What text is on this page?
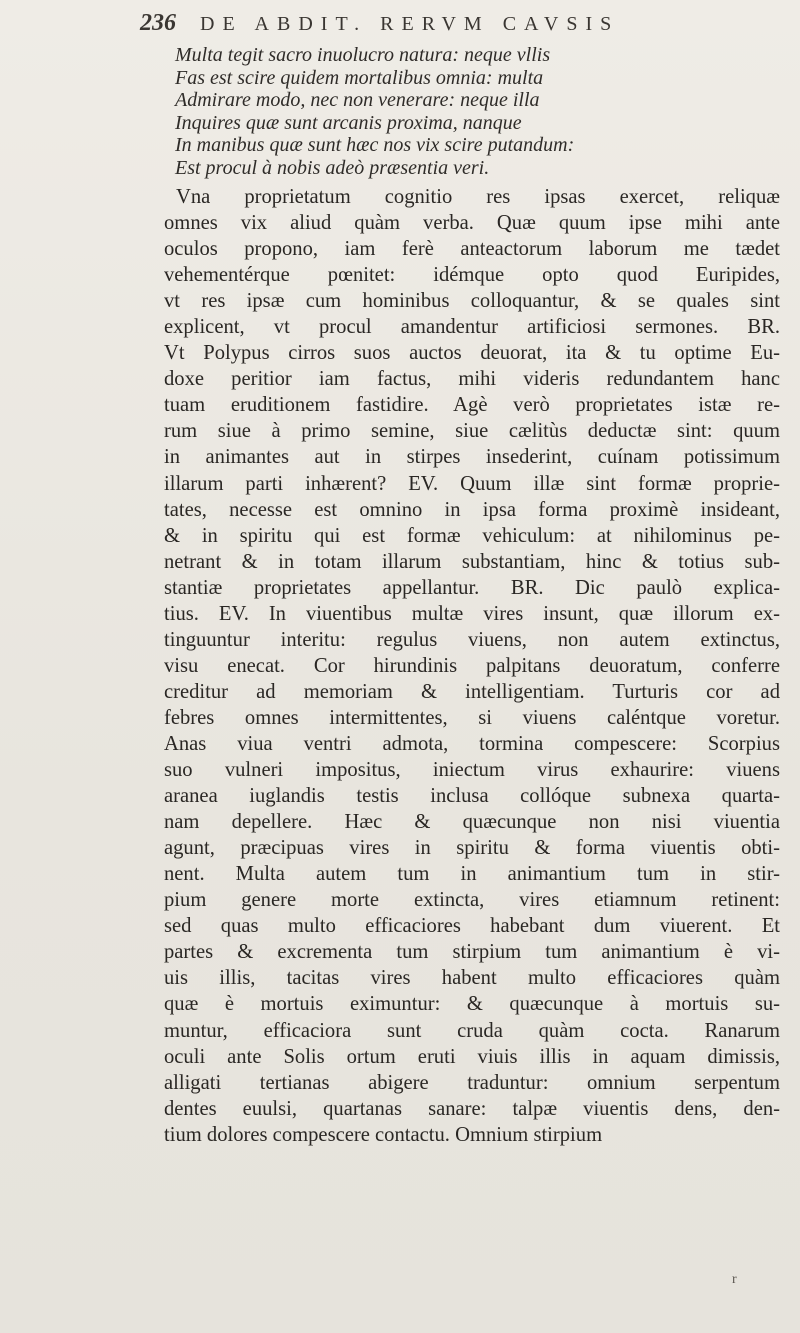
236 DE ABDIT. RERVM CAVSIS
Multa tegit sacro inuolucro natura: neque vllis
Fas est scire quidem mortalibus omnia: multa
Admirare modo, nec non venerare: neque illa
Inquires quæ sunt arcanis proxima, nanque
In manibus quæ sunt hæc nos vix scire putandum:
Est procul à nobis adeò præsentia veri.
Vna proprietatum cognitio res ipsas exercet, reliquæ
omnes vix aliud quàm verba. Quæ quum ipse mihi ante
oculos propono, iam ferè anteactorum laborum me tædet
vehementérque pœnitet: idémque opto quod Euripides,
vt res ipsæ cum hominibus colloquantur, & se quales sint
explicent, vt procul amandentur artificiosi sermones. BR.
Vt Polypus cirros suos auctos deuorat, ita & tu optime Eu-
doxe peritior iam factus, mihi videris redundantem hanc
tuam eruditionem fastidire. Agè verò proprietates istæ re-
rum siue à primo semine, siue cælitùs deductæ sint: quum
in animantes aut in stirpes insederint, cuínam potissimum
illarum parti inhærent? EV. Quum illæ sint formæ proprie-
tates, necesse est omnino in ipsa forma proximè insideant,
& in spiritu qui est formæ vehiculum: at nihilominus pe-
netrant & in totam illarum substantiam, hinc & totius sub-
stantiæ proprietates appellantur. BR. Dic paulò explica-
tius. EV. In viuentibus multæ vires insunt, quæ illorum ex-
tinguuntur interitu: regulus viuens, non autem extinctus,
visu enecat. Cor hirundinis palpitans deuoratum, conferre
creditur ad memoriam & intelligentiam. Turturis cor ad
febres omnes intermittentes, si viuens caléntque voretur.
Anas viua ventri admota, tormina compescere: Scorpius
suo vulneri impositus, iniectum virus exhaurire: viuens
aranea iuglandis testis inclusa collóque subnexa quarta-
nam depellere. Hæc & quæcunque non nisi viuentia
agunt, præcipuas vires in spiritu & forma viuentis obti-
nent. Multa autem tum in animantium tum in stir-
pium genere morte extincta, vires etiamnum retinent:
sed quas multo efficaciores habebant dum viuerent. Et
partes & excrementa tum stirpium tum animantium è vi-
uis illis, tacitas vires habent multo efficaciores quàm
quæ è mortuis eximuntur: & quæcunque à mortuis su-
muntur, efficaciora sunt cruda quàm cocta. Ranarum
oculi ante Solis ortum eruti viuis illis in aquam dimissis,
alligati tertianas abigere traduntur: omnium serpentum
dentes euulsi, quartanas sanare: talpæ viuentis dens, den-
tium dolores compescere contactu. Omnium stirpium
r
